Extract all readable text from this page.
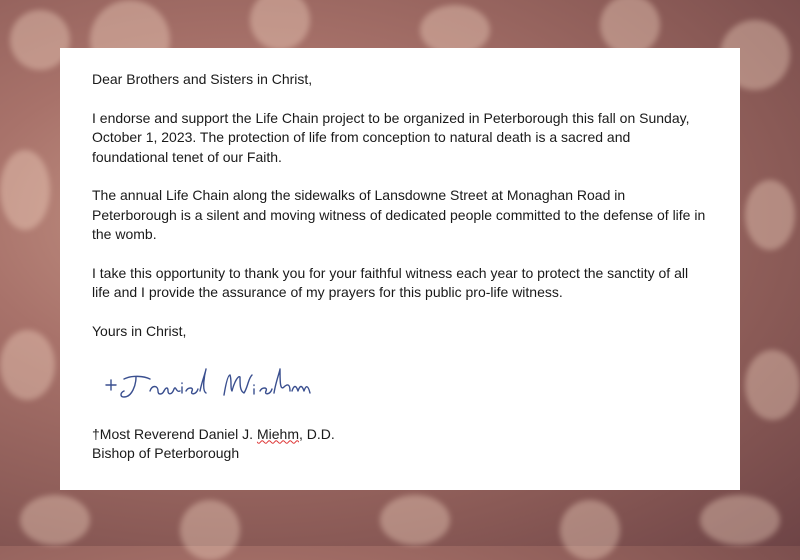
Dear Brothers and Sisters in Christ,

I endorse and support the Life Chain project to be organized in Peterborough this fall on Sunday, October 1, 2023. The protection of life from conception to natural death is a sacred and foundational tenet of our Faith.

The annual Life Chain along the sidewalks of Lansdowne Street at Monaghan Road in Peterborough is a silent and moving witness of dedicated people committed to the defense of life in the womb.

I take this opportunity to thank you for your faithful witness each year to protect the sanctity of all life and I provide the assurance of my prayers for this public pro-life witness.

Yours in Christ,

†Most Reverend Daniel J. Miehm, D.D.
Bishop of Peterborough
